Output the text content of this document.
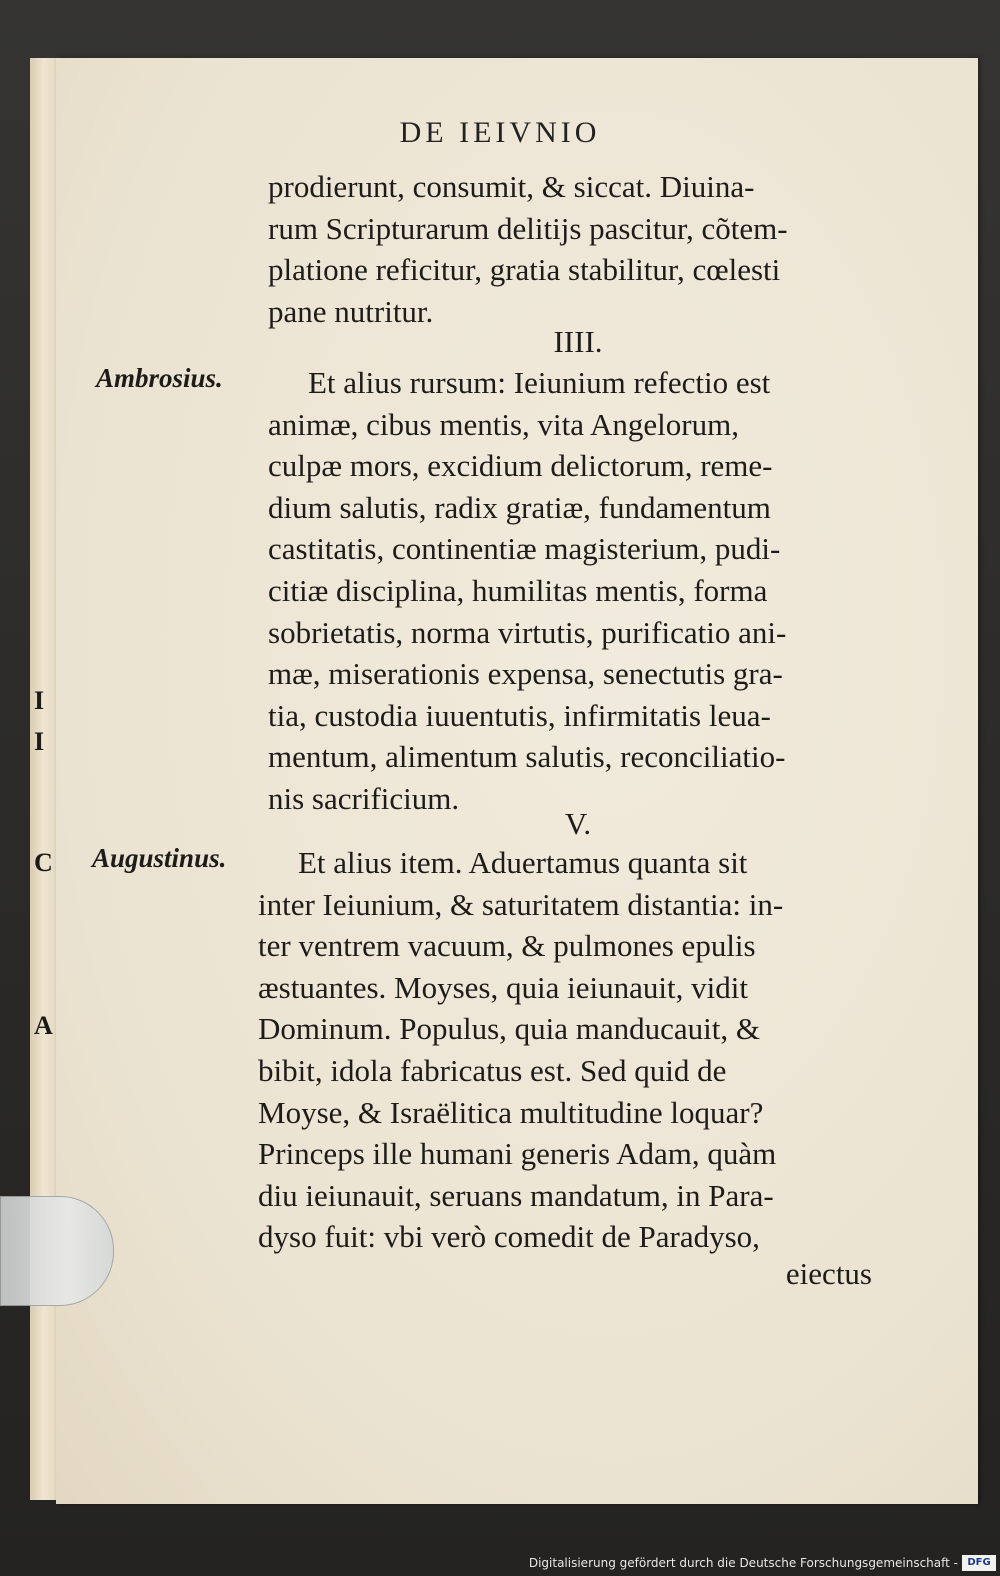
I
I
C
A
DE IEIVNIO
prodierunt, consumit, & siccat. Diuina-
rum Scripturarum delitijs pascitur, cõtem-
platione reficitur, gratia stabilitur, cœlesti
pane nutritur.
IIII.
Ambrosius.	Et alius rursum: Ieiunium refectio est
animæ, cibus mentis, vita Angelorum,
culpæ mors, excidium delictorum, reme-
dium salutis, radix gratiæ, fundamentum
castitatis, continentiæ magisterium, pudi-
citiæ disciplina, humilitas mentis, forma
sobrietatis, norma virtutis, purificatio ani-
mæ, miserationis expensa, senectutis gra-
tia, custodia iuuentutis, infirmitatis leua-
mentum, alimentum salutis, reconciliatio-
nis sacrificium.
V.
Augustinus.	Et alius item. Aduertamus quanta sit
inter Ieiunium, & saturitatem distantia: in-
ter ventrem vacuum, & pulmones epulis
æstuantes. Moyses, quia ieiunauit, vidit
Dominum. Populus, quia manducauit, &
bibit, idola fabricatus est. Sed quid de
Moyse, & Israëlitica multitudine loquar?
Princeps ille humani generis Adam, quàm
diu ieiunauit, seruans mandatum, in Para-
dyso fuit: vbi verò comedit de Paradyso,
eiectus
Digitalisierung gefördert durch die Deutsche Forschungsgemeinschaft - DFG
